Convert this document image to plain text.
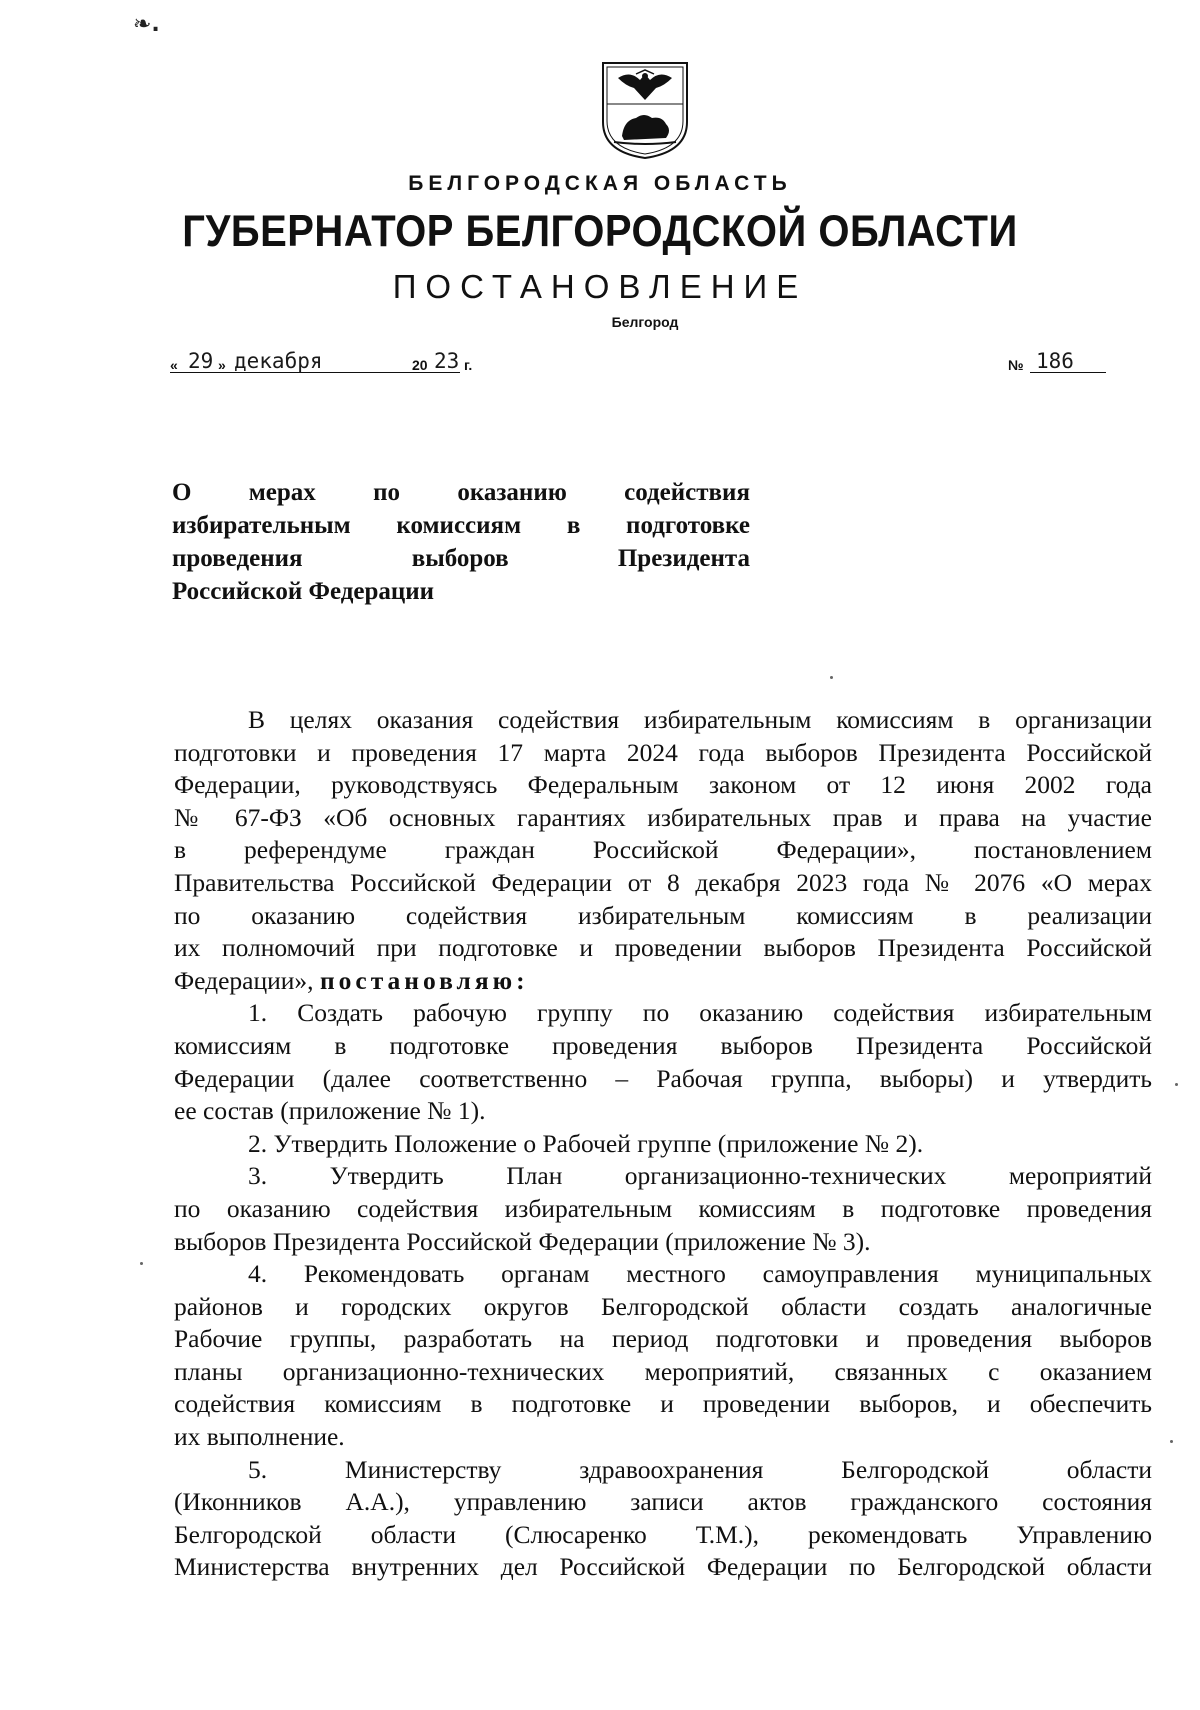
❧.
БЕЛГОРОДСКАЯ ОБЛАСТЬ
ГУБЕРНАТОР БЕЛГОРОДСКОЙ ОБЛАСТИ
ПОСТАНОВЛЕНИЕ
Белгород
« 29 » декабря	20 23 г.	№ 186
О мерах по оказанию содействия
избирательным комиссиям в подготовке
проведения выборов Президента
Российской Федерации
В целях оказания содействия избирательным комиссиям в организации
подготовки и проведения 17 марта 2024 года выборов Президента Российской
Федерации, руководствуясь Федеральным законом от 12 июня 2002 года
№ 67-ФЗ «Об основных гарантиях избирательных прав и права на участие
в референдуме граждан Российской Федерации», постановлением
Правительства Российской Федерации от 8 декабря 2023 года № 2076 «О мерах
по оказанию содействия избирательным комиссиям в реализации
их полномочий при подготовке и проведении выборов Президента Российской
Федерации», постановляю:
1. Создать рабочую группу по оказанию содействия избирательным
комиссиям в подготовке проведения выборов Президента Российской
Федерации (далее соответственно – Рабочая группа, выборы) и утвердить
ее состав (приложение № 1).
2. Утвердить Положение о Рабочей группе (приложение № 2).
3. Утвердить План организационно-технических мероприятий
по оказанию содействия избирательным комиссиям в подготовке проведения
выборов Президента Российской Федерации (приложение № 3).
4. Рекомендовать органам местного самоуправления муниципальных
районов и городских округов Белгородской области создать аналогичные
Рабочие группы, разработать на период подготовки и проведения выборов
планы организационно-технических мероприятий, связанных с оказанием
содействия комиссиям в подготовке и проведении выборов, и обеспечить
их выполнение.
5. Министерству здравоохранения Белгородской области
(Иконников А.А.), управлению записи актов гражданского состояния
Белгородской области (Слюсаренко Т.М.), рекомендовать Управлению
Министерства внутренних дел Российской Федерации по Белгородской области
